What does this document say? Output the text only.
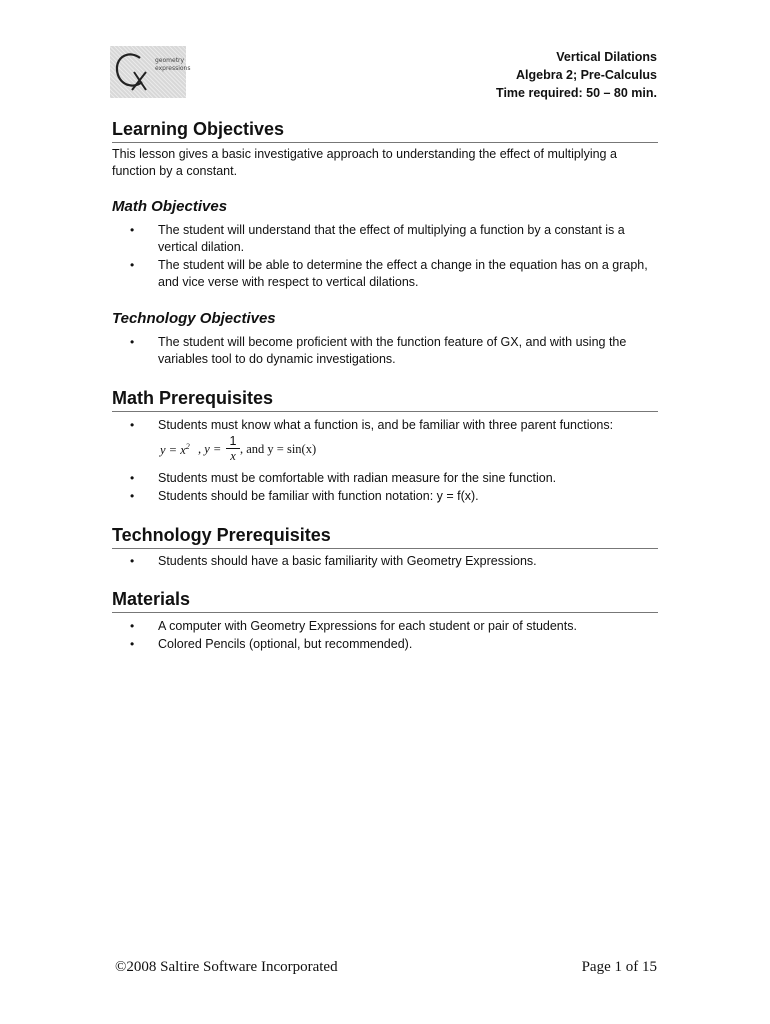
geometry
expressions
Vertical Dilations
Algebra 2; Pre-Calculus
Time required: 50 – 80 min.
Learning Objectives

This lesson gives a basic investigative approach to understanding the effect of multiplying a function by a constant.

Math Objectives
• The student will understand that the effect of multiplying a function by a constant is a vertical dilation.
• The student will be able to determine the effect a change in the equation has on a graph, and vice verse with respect to vertical dilations.
Technology Objectives
• The student will become proficient with the function feature of GX, and with using the variables tool to do dynamic investigations.
Math Prerequisites
• Students must know what a function is, and be familiar with three parent functions:
$y = x^2$ , $y = \frac{1}{x}$ , and y = sin(x)
• Students must be comfortable with radian measure for the sine function.
• Students should be familiar with function notation: y = f(x).
Technology Prerequisites
• Students should have a basic familiarity with Geometry Expressions.
Materials
• A computer with Geometry Expressions for each student or pair of students.
• Colored Pencils (optional, but recommended).
©2008 Saltire Software Incorporated	Page 1 of 15
